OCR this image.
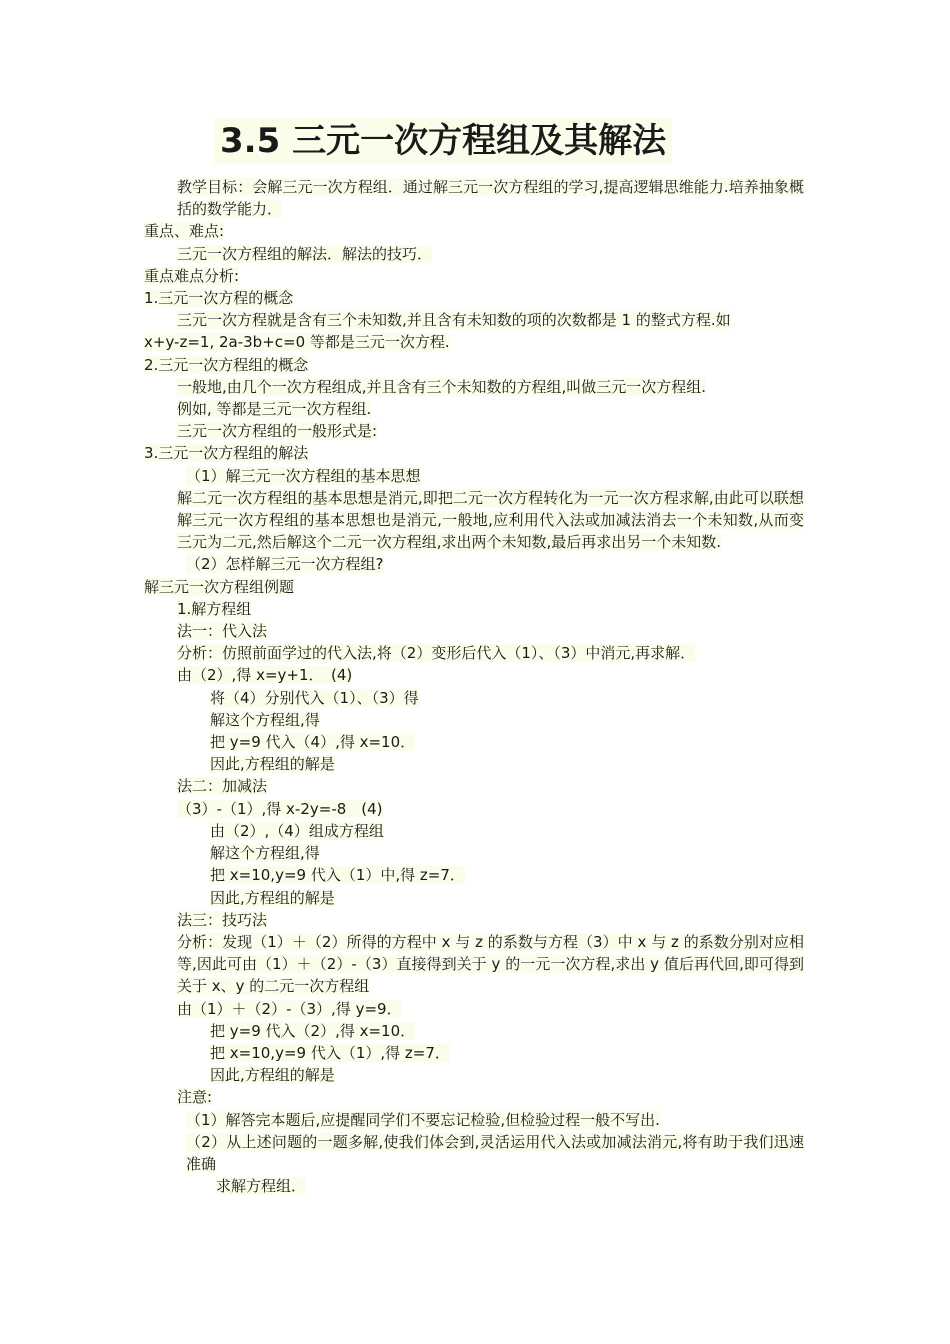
3.5 三元一次方程组及其解法
教学目标：会解三元一次方程组．通过解三元一次方程组的学习,提高逻辑思维能力.培养抽象概括的数学能力．
重点、难点:
三元一次方程组的解法．解法的技巧．
重点难点分析:
1.三元一次方程的概念
三元一次方程就是含有三个未知数,并且含有未知数的项的次数都是 1 的整式方程.如
x+y-z=1, 2a-3b+c=0 等都是三元一次方程.
2.三元一次方程组的概念
一般地,由几个一次方程组成,并且含有三个未知数的方程组,叫做三元一次方程组.
例如, 等都是三元一次方程组.
三元一次方程组的一般形式是:
3.三元一次方程组的解法
（1）解三元一次方程组的基本思想
解二元一次方程组的基本思想是消元,即把二元一次方程转化为一元一次方程求解,由此可以联想解三元一次方程组的基本思想也是消元,一般地,应利用代入法或加减法消去一个未知数,从而变三元为二元,然后解这个二元一次方程组,求出两个未知数,最后再求出另一个未知数.
（2）怎样解三元一次方程组?
解三元一次方程组例题
1.解方程组
法一：代入法
分析：仿照前面学过的代入法,将（2）变形后代入（1）、（3）中消元,再求解．
由（2）,得 x=y+1．　(4)
将（4）分别代入（1）、（3）得
解这个方程组,得
把 y=9 代入（4）,得 x=10．
因此,方程组的解是
法二：加减法
（3）-（1）,得 x-2y=-8　(4)
由（2）,（4）组成方程组
解这个方程组,得
把 x=10,y=9 代入（1）中,得 z=7．
因此,方程组的解是
法三：技巧法
分析：发现（1）＋（2）所得的方程中 x 与 z 的系数与方程（3）中 x 与 z 的系数分别对应相等,因此可由（1）＋（2）-（3）直接得到关于 y 的一元一次方程,求出 y 值后再代回,即可得到关于 x、y 的二元一次方程组
由（1）＋（2）-（3）,得 y=9．
把 y=9 代入（2）,得 x=10．
把 x=10,y=9 代入（1）,得 z=7．
因此,方程组的解是
注意:
（1）解答完本题后,应提醒同学们不要忘记检验,但检验过程一般不写出.
（2）从上述问题的一题多解,使我们体会到,灵活运用代入法或加减法消元,将有助于我们迅速准确
求解方程组．
